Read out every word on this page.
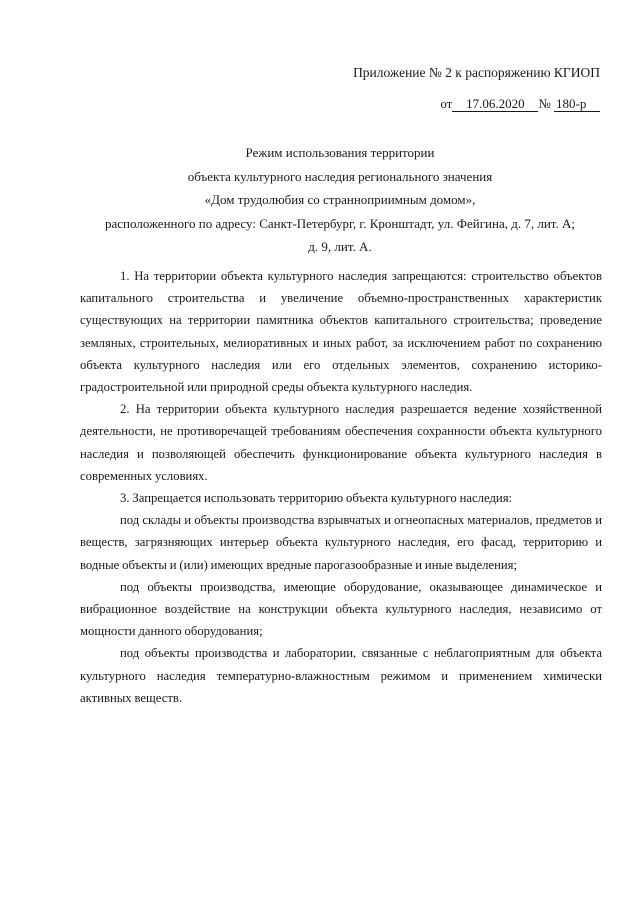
Приложение № 2 к распоряжению КГИОП
от 17.06.2020 № 180-р
Режим использования территории
объекта культурного наследия регионального значения
«Дом трудолюбия со странноприимным домом»,
расположенного по адресу: Санкт-Петербург, г. Кронштадт, ул. Фейгина, д. 7, лит. А;
д. 9, лит. А.

1. На территории объекта культурного наследия запрещаются: строительство объектов капитального строительства и увеличение объемно-пространственных характеристик существующих на территории памятника объектов капитального строительства; проведение земляных, строительных, мелиоративных и иных работ, за исключением работ по сохранению объекта культурного наследия или его отдельных элементов, сохранению историко-градостроительной или природной среды объекта культурного наследия.

2. На территории объекта культурного наследия разрешается ведение хозяйственной деятельности, не противоречащей требованиям обеспечения сохранности объекта культурного наследия и позволяющей обеспечить функционирование объекта культурного наследия в современных условиях.

3. Запрещается использовать территорию объекта культурного наследия:

под склады и объекты производства взрывчатых и огнеопасных материалов, предметов и веществ, загрязняющих интерьер объекта культурного наследия, его фасад, территорию и водные объекты и (или) имеющих вредные парогазообразные и иные выделения;

под объекты производства, имеющие оборудование, оказывающее динамическое и вибрационное воздействие на конструкции объекта культурного наследия, независимо от мощности данного оборудования;

под объекты производства и лаборатории, связанные с неблагоприятным для объекта культурного наследия температурно-влажностным режимом и применением химически активных веществ.
